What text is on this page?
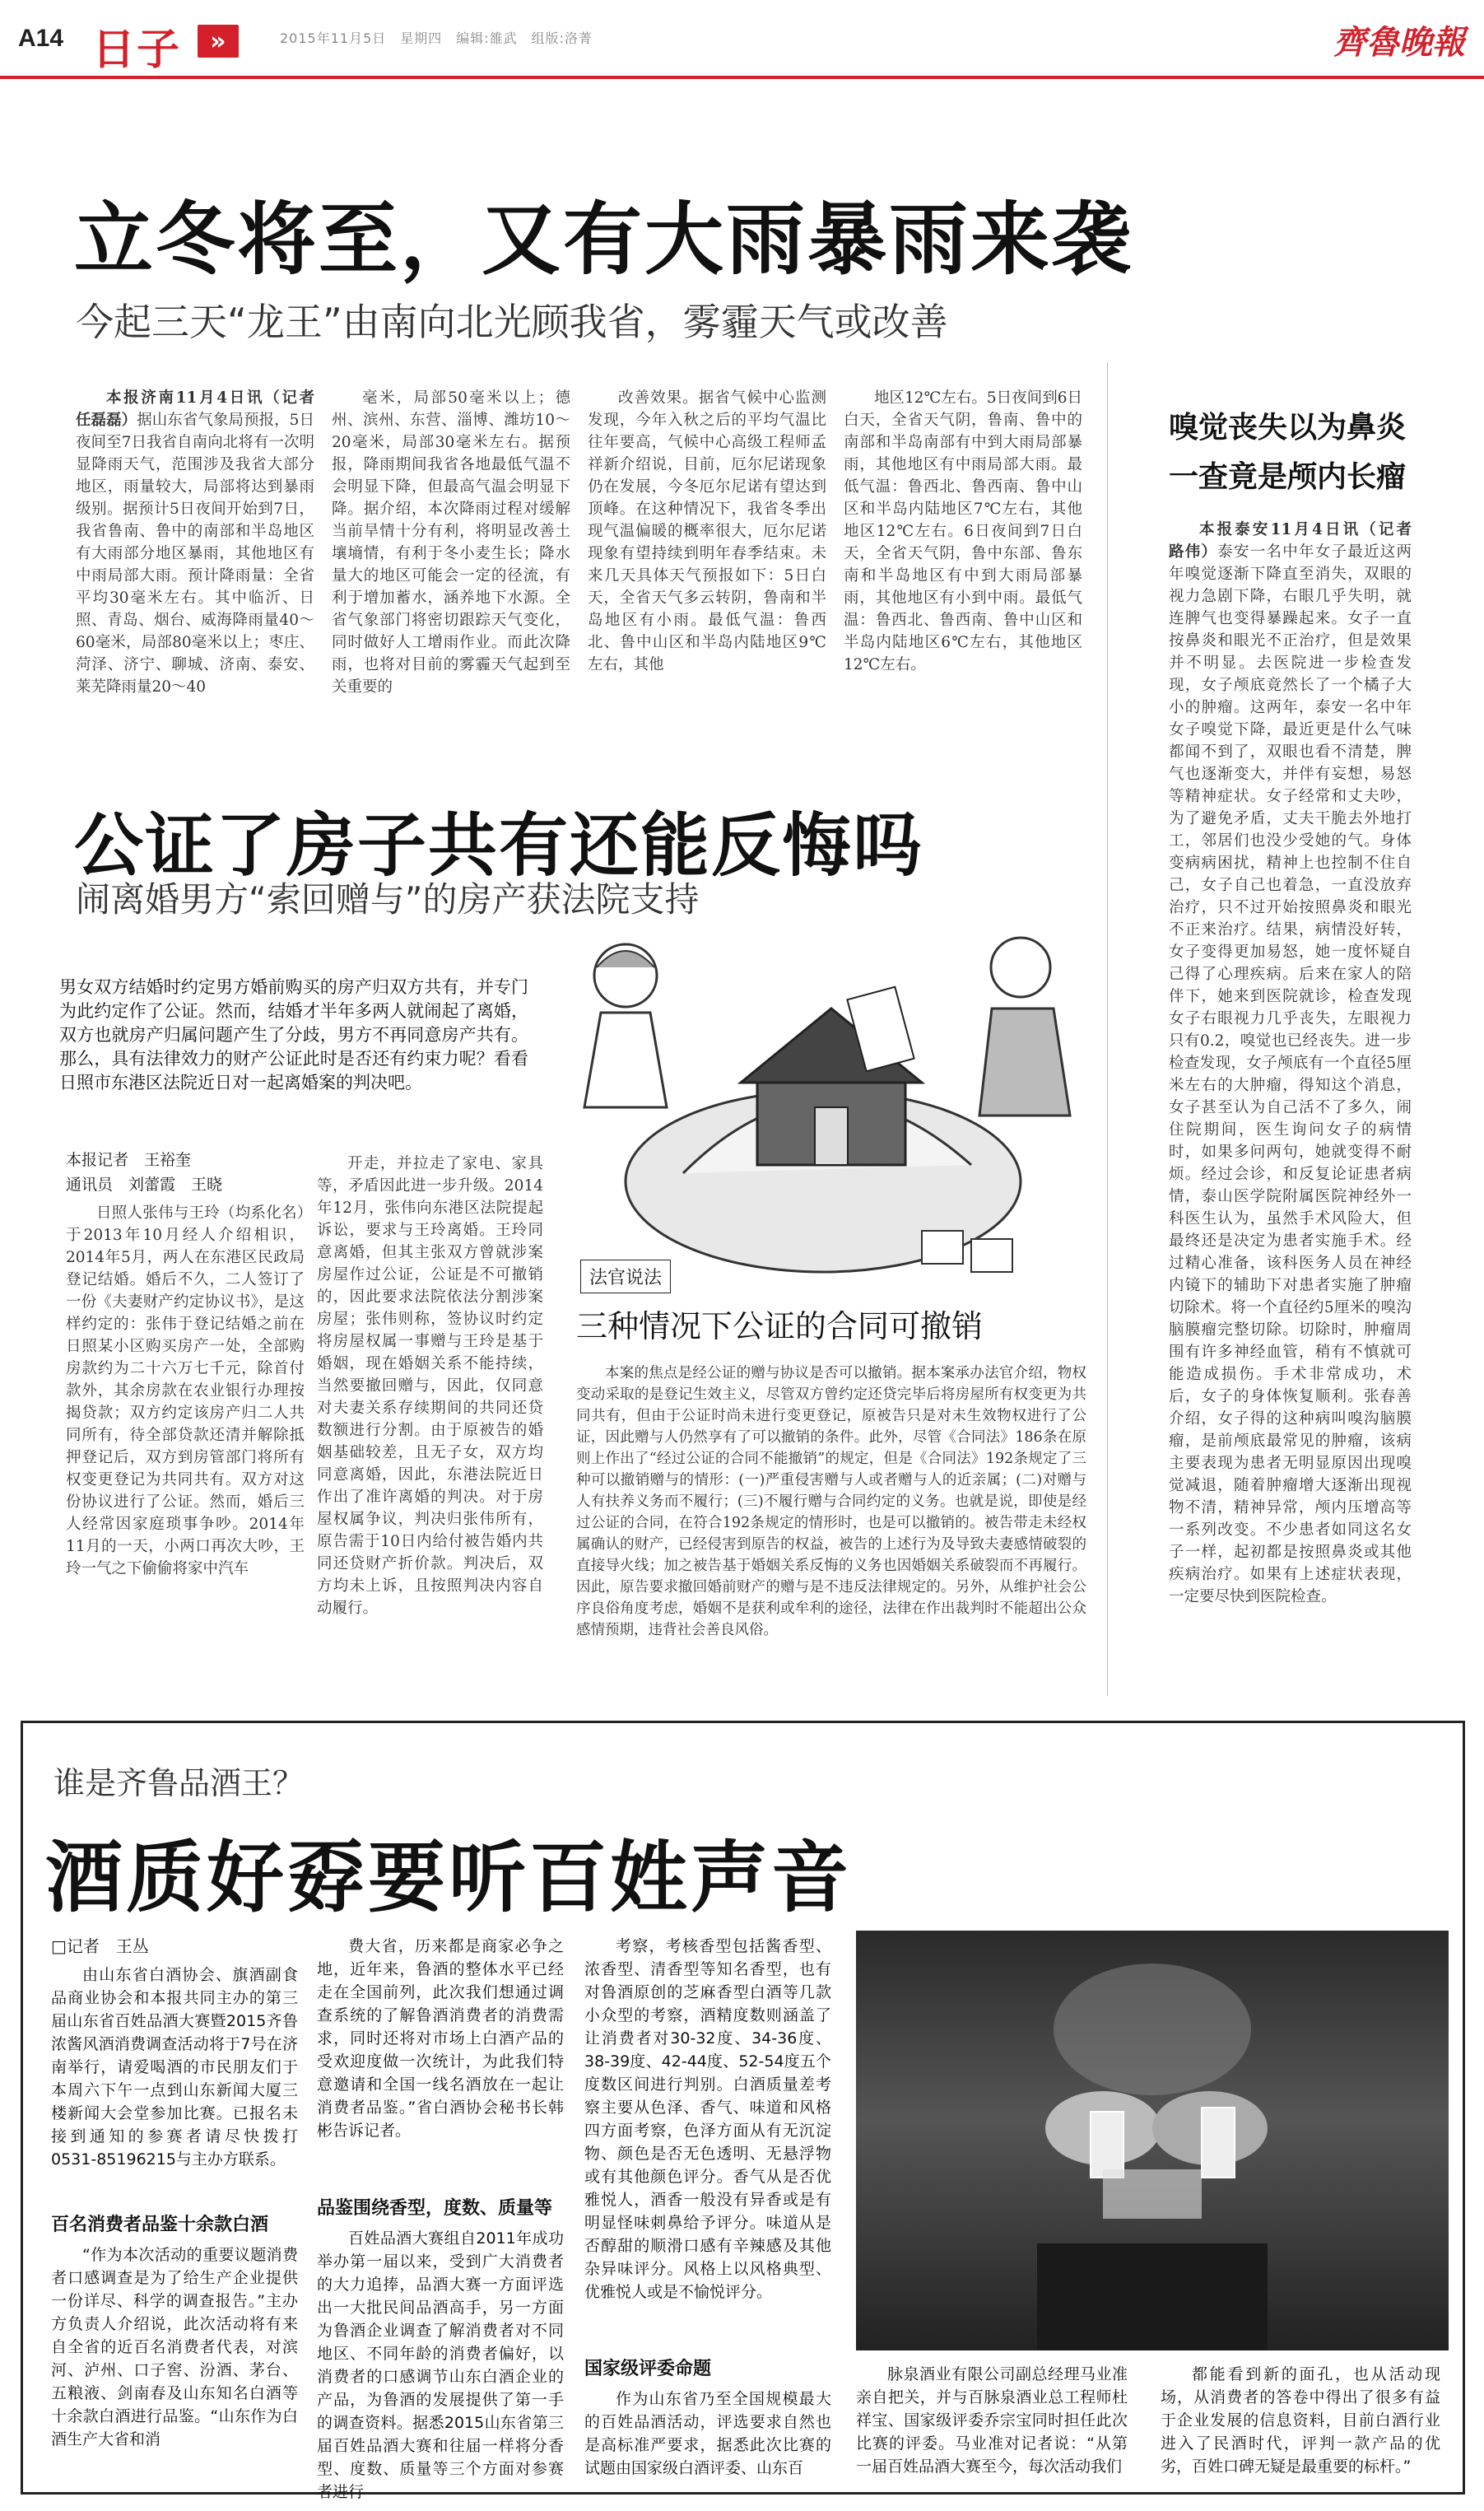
A14 日子	»	2015年11月5日　星期四　编辑:雒武　组版:洛菁	齊魯晚報
立冬将至，又有大雨暴雨来袭
今起三天“龙王”由南向北光顾我省，雾霾天气或改善

本报济南11月4日讯（记者　任磊磊）据山东省气象局预报，5日夜间至7日我省自南向北将有一次明显降雨天气，范围涉及我省大部分地区，雨量较大，局部将达到暴雨级别。据预计5日夜间开始到7日，我省鲁南、鲁中的南部和半岛地区有大雨部分地区暴雨，其他地区有中雨局部大雨。预计降雨量：全省平均30毫米左右。其中临沂、日照、青岛、烟台、威海降雨量40～60毫米，局部80毫米以上；枣庄、菏泽、济宁、聊城、济南、泰安、莱芜降雨量20～40

毫米，局部50毫米以上；德州、滨州、东营、淄博、潍坊10～20毫米，局部30毫米左右。据预报，降雨期间我省各地最低气温不会明显下降，但最高气温会明显下降。据介绍，本次降雨过程对缓解当前旱情十分有利，将明显改善土壤墒情，有利于冬小麦生长；降水量大的地区可能会一定的径流，有利于增加蓄水，涵养地下水源。全省气象部门将密切跟踪天气变化，同时做好人工增雨作业。而此次降雨，也将对目前的雾霾天气起到至关重要的

改善效果。据省气候中心监测发现，今年入秋之后的平均气温比往年要高，气候中心高级工程师孟祥新介绍说，目前，厄尔尼诺现象仍在发展，今冬厄尔尼诺有望达到顶峰。在这种情况下，我省冬季出现气温偏暖的概率很大，厄尔尼诺现象有望持续到明年春季结束。未来几天具体天气预报如下：5日白天，全省天气多云转阴，鲁南和半岛地区有小雨。最低气温：鲁西北、鲁中山区和半岛内陆地区9℃左右，其他

地区12℃左右。5日夜间到6日白天，全省天气阴，鲁南、鲁中的南部和半岛南部有中到大雨局部暴雨，其他地区有中雨局部大雨。最低气温：鲁西北、鲁西南、鲁中山区和半岛内陆地区7℃左右，其他地区12℃左右。6日夜间到7日白天，全省天气阴，鲁中东部、鲁东南和半岛地区有中到大雨局部暴雨，其他地区有小到中雨。最低气温：鲁西北、鲁西南、鲁中山区和半岛内陆地区6℃左右，其他地区12℃左右。

嗅觉丧失以为鼻炎
一查竟是颅内长瘤

本报泰安11月4日讯（记者　路伟）泰安一名中年女子最近这两年嗅觉逐渐下降直至消失，双眼的视力急剧下降，右眼几乎失明，就连脾气也变得暴躁起来。女子一直按鼻炎和眼光不正治疗，但是效果并不明显。去医院进一步检查发现，女子颅底竟然长了一个橘子大小的肿瘤。这两年，泰安一名中年女子嗅觉下降，最近更是什么气味都闻不到了，双眼也看不清楚，脾气也逐渐变大，并伴有妄想，易怒等精神症状。女子经常和丈夫吵，为了避免矛盾，丈夫干脆去外地打工，邻居们也没少受她的气。身体变病病困扰，精神上也控制不住自己，女子自己也着急，一直没放弃治疗，只不过开始按照鼻炎和眼光不正来治疗。结果，病情没好转，女子变得更加易怒，她一度怀疑自己得了心理疾病。后来在家人的陪伴下，她来到医院就诊，检查发现女子右眼视力几乎丧失，左眼视力只有0.2，嗅觉也已经丧失。进一步检查发现，女子颅底有一个直径5厘米左右的大肿瘤，得知这个消息，女子甚至认为自己活不了多久，闹住院期间，医生询问女子的病情时，如果多问两句，她就变得不耐烦。经过会诊，和反复论证患者病情，泰山医学院附属医院神经外一科医生认为，虽然手术风险大，但最终还是决定为患者实施手术。经过精心准备，该科医务人员在神经内镜下的辅助下对患者实施了肿瘤切除术。将一个直径约5厘米的嗅沟脑膜瘤完整切除。切除时，肿瘤周围有许多神经血管，稍有不慎就可能造成损伤。手术非常成功，术后，女子的身体恢复顺利。张春善介绍，女子得的这种病叫嗅沟脑膜瘤，是前颅底最常见的肿瘤，该病主要表现为患者无明显原因出现嗅觉减退，随着肿瘤增大逐渐出现视物不清，精神异常，颅内压增高等一系列改变。不少患者如同这名女子一样，起初都是按照鼻炎或其他疾病治疗。如果有上述症状表现，一定要尽快到医院检查。

公证了房子共有还能反悔吗
闹离婚男方“索回赠与”的房产获法院支持
男女双方结婚时约定男方婚前购买的房产归双方共有，并专门为此约定作了公证。然而，结婚才半年多两人就闹起了离婚，双方也就房产归属问题产生了分歧，男方不再同意房产共有。那么，具有法律效力的财产公证此时是否还有约束力呢？看看日照市东港区法院近日对一起离婚案的判决吧。
本报记者　王裕奎
通讯员　刘蕾霞　王晓

日照人张伟与王玲（均系化名）于2013年10月经人介绍相识，2014年5月，两人在东港区民政局登记结婚。婚后不久，二人签订了一份《夫妻财产约定协议书》，是这样约定的：张伟于登记结婚之前在日照某小区购买房产一处，全部购房款约为二十六万七千元，除首付款外，其余房款在农业银行办理按揭贷款；双方约定该房产归二人共同所有，待全部贷款还清并解除抵押登记后，双方到房管部门将所有权变更登记为共同共有。双方对这份协议进行了公证。然而，婚后三人经常因家庭琐事争吵。2014年11月的一天，小两口再次大吵，王玲一气之下偷偷将家中汽车

开走，并拉走了家电、家具等，矛盾因此进一步升级。2014年12月，张伟向东港区法院提起诉讼，要求与王玲离婚。王玲同意离婚，但其主张双方曾就涉案房屋作过公证，公证是不可撤销的，因此要求法院依法分割涉案房屋；张伟则称，签协议时约定将房屋权属一事赠与王玲是基于婚姻，现在婚姻关系不能持续，当然要撤回赠与，因此，仅同意对夫妻关系存续期间的共同还贷数额进行分割。由于原被告的婚姻基础较差，且无子女，双方均同意离婚，因此，东港法院近日作出了准许离婚的判决。对于房屋权属争议，判决归张伟所有，原告需于10日内给付被告婚内共同还贷财产折价款。判决后，双方均未上诉，且按照判决内容自动履行。

法官说法
三种情况下公证的合同可撤销

本案的焦点是经公证的赠与协议是否可以撤销。据本案承办法官介绍，物权变动采取的是登记生效主义，尽管双方曾约定还贷完毕后将房屋所有权变更为共同共有，但由于公证时尚未进行变更登记，原被告只是对未生效物权进行了公证，因此赠与人仍然享有了可以撤销的条件。此外，尽管《合同法》186条在原则上作出了“经过公证的合同不能撤销”的规定，但是《合同法》192条规定了三种可以撤销赠与的情形：(一)严重侵害赠与人或者赠与人的近亲属；(二)对赠与人有扶养义务而不履行；(三)不履行赠与合同约定的义务。也就是说，即使是经过公证的合同，在符合192条规定的情形时，也是可以撤销的。被告带走未经权属确认的财产，已经侵害到原告的权益，被告的上述行为及导致夫妻感情破裂的直接导火线；加之被告基于婚姻关系反悔的义务也因婚姻关系破裂而不再履行。因此，原告要求撤回婚前财产的赠与是不违反法律规定的。另外，从维护社会公序良俗角度考虑，婚姻不是获利或牟利的途径，法律在作出裁判时不能超出公众感情预期，违背社会善良风俗。

谁是齐鲁品酒王？
酒质好孬要听百姓声音
□记者　王丛

由山东省白酒协会、旗酒副食品商业协会和本报共同主办的第三届山东省百姓品酒大赛暨2015齐鲁浓酱风酒消费调查活动将于7号在济南举行，请爱喝酒的市民朋友们于本周六下午一点到山东新闻大厦三楼新闻大会堂参加比赛。已报名未接到通知的参赛者请尽快拨打0531-85196215与主办方联系。

百名消费者品鉴十余款白酒

“作为本次活动的重要议题消费者口感调查是为了给生产企业提供一份详尽、科学的调查报告。”主办方负责人介绍说，此次活动将有来自全省的近百名消费者代表，对滨河、泸州、口子窖、汾酒、茅台、五粮液、剑南春及山东知名白酒等十余款白酒进行品鉴。“山东作为白酒生产大省和消

费大省，历来都是商家必争之地，近年来，鲁酒的整体水平已经走在全国前列，此次我们想通过调查系统的了解鲁酒消费者的消费需求，同时还将对市场上白酒产品的受欢迎度做一次统计，为此我们特意邀请和全国一线名酒放在一起让消费者品鉴。”省白酒协会秘书长韩彬告诉记者。

品鉴围绕香型，度数、质量等

百姓品酒大赛组自2011年成功举办第一届以来，受到广大消费者的大力追捧，品酒大赛一方面评选出一大批民间品酒高手，另一方面为鲁酒企业调查了解消费者对不同地区、不同年龄的消费者偏好，以消费者的口感调节山东白酒企业的产品，为鲁酒的发展提供了第一手的调查资料。据悉2015山东省第三届百姓品酒大赛和往届一样将分香型、度数、质量等三个方面对参赛者进行

考察，考核香型包括酱香型、浓香型、清香型等知名香型，也有对鲁酒原创的芝麻香型白酒等几款小众型的考察，酒精度数则涵盖了让消费者对30-32度、34-36度、38-39度、42-44度、52-54度五个度数区间进行判别。白酒质量差考察主要从色泽、香气、味道和风格四方面考察，色泽方面从有无沉淀物、颜色是否无色透明、无悬浮物或有其他颜色评分。香气从是否优雅悦人，酒香一般没有异香或是有明显怪味刺鼻给予评分。味道从是否醇甜的顺滑口感有辛辣感及其他杂异味评分。风格上以风格典型、优雅悦人或是不愉悦评分。

国家级评委命题

作为山东省乃至全国规模最大的百姓品酒活动，评选要求自然也是高标准严要求，据悉此次比赛的试题由国家级白酒评委、山东百

脉泉酒业有限公司副总经理马业准亲自把关，并与百脉泉酒业总工程师杜祥宝、国家级评委乔宗宝同时担任此次比赛的评委。马业准对记者说：“从第一届百姓品酒大赛至今，每次活动我们

都能看到新的面孔，也从活动现场，从消费者的答卷中得出了很多有益于企业发展的信息资料，目前白酒行业进入了民酒时代，评判一款产品的优劣，百姓口碑无疑是最重要的标杆。”
